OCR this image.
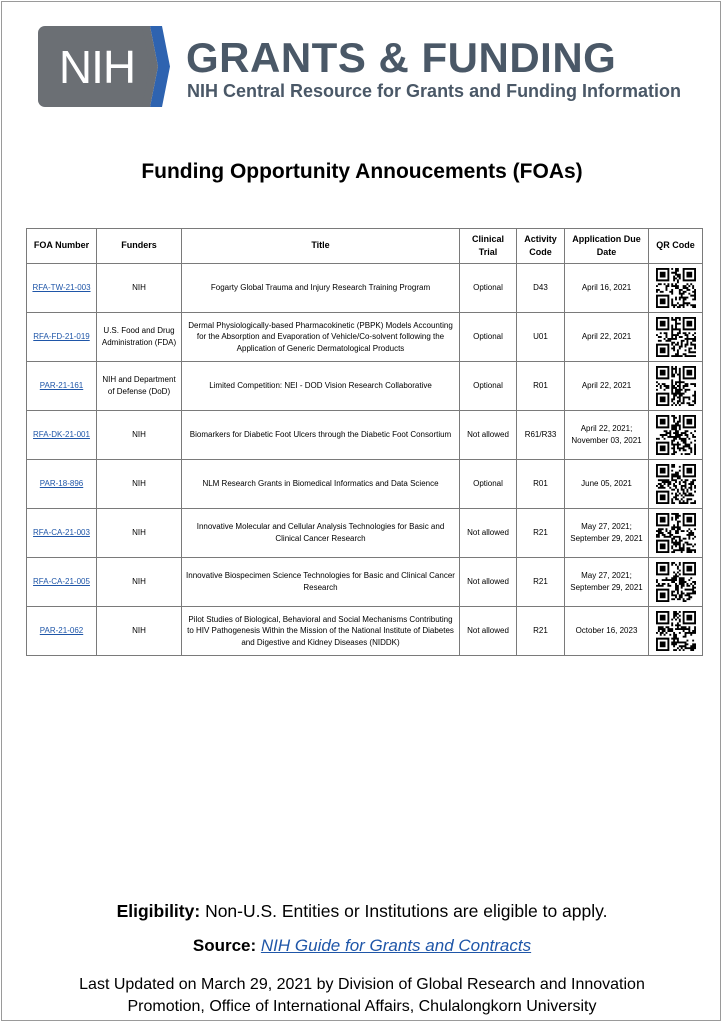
NIH	GRANTS & FUNDING
NIH Central Resource for Grants and Funding Information
Funding Opportunity Annoucements (FOAs)
FOA Number	Funders	Title	Clinical Trial	Activity Code	Application Due Date	QR Code
RFA-TW-21-003	NIH	Fogarty Global Trauma and Injury Research Training Program	Optional	D43	April 16, 2021	

RFA-FD-21-019	U.S. Food and Drug Administration (FDA)	Dermal Physiologically-based Pharmacokinetic (PBPK) Models Accounting for the Absorption and Evaporation of Vehicle/Co-solvent following the Application of Generic Dermatological Products	Optional	U01	April 22, 2021	

PAR-21-161	NIH and Department of Defense (DoD)	Limited Competition: NEI - DOD Vision Research Collaborative	Optional	R01	April 22, 2021	

RFA-DK-21-001	NIH	Biomarkers for Diabetic Foot Ulcers through the Diabetic Foot Consortium	Not allowed	R61/R33	April 22, 2021; November 03, 2021	

PAR-18-896	NIH	NLM Research Grants in Biomedical Informatics and Data Science	Optional	R01	June 05, 2021	

RFA-CA-21-003	NIH	Innovative Molecular and Cellular Analysis Technologies for Basic and Clinical Cancer Research	Not allowed	R21	May 27, 2021; September 29, 2021	

RFA-CA-21-005	NIH	Innovative Biospecimen Science Technologies for Basic and Clinical Cancer Research	Not allowed	R21	May 27, 2021; September 29, 2021	

PAR-21-062	NIH	Pilot Studies of Biological, Behavioral and Social Mechanisms Contributing to HIV Pathogenesis Within the Mission of the National Institute of Diabetes and Digestive and Kidney Diseases (NIDDK)	Not allowed	R21	October 16, 2023	
Eligibility: Non-U.S. Entities or Institutions are eligible to apply.
Source: NIH Guide for Grants and Contracts
Last Updated on March 29, 2021 by Division of Global Research and Innovation
Promotion, Office of International Affairs, Chulalongkorn University
